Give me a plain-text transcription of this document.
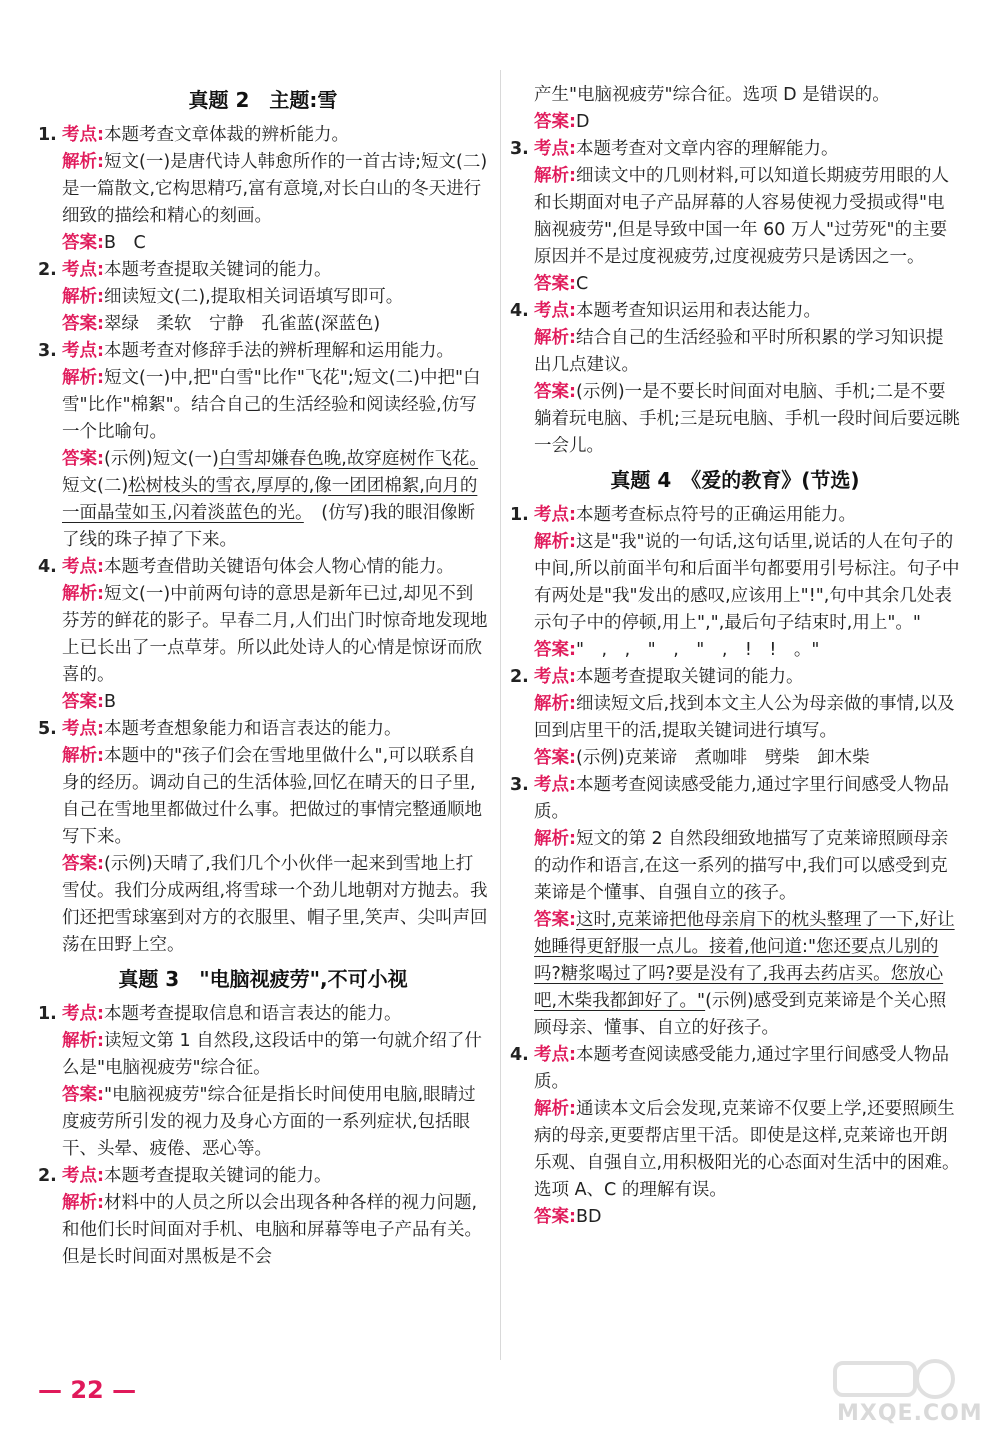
真题 2　主题:雪
1. 考点:本题考查文章体裁的辨析能力。
解析:短文(一)是唐代诗人韩愈所作的一首古诗;短文(二)是一篇散文,它构思精巧,富有意境,对长白山的冬天进行细致的描绘和精心的刻画。
答案:B　C
2. 考点:本题考查提取关键词的能力。
解析:细读短文(二),提取相关词语填写即可。
答案:翠绿　柔软　宁静　孔雀蓝(深蓝色)
3. 考点:本题考查对修辞手法的辨析理解和运用能力。
解析:短文(一)中,把"白雪"比作"飞花";短文(二)中把"白雪"比作"棉絮"。结合自己的生活经验和阅读经验,仿写一个比喻句。
答案:(示例)短文(一)白雪却嫌春色晚,故穿庭树作飞花。　短文(二)松树枝头的雪衣,厚厚的,像一团团棉絮,向月的一面晶莹如玉,闪着淡蓝色的光。　(仿写)我的眼泪像断了线的珠子掉了下来。
4. 考点:本题考查借助关键语句体会人物心情的能力。
解析:短文(一)中前两句诗的意思是新年已过,却见不到芬芳的鲜花的影子。早春二月,人们出门时惊奇地发现地上已长出了一点草芽。所以此处诗人的心情是惊讶而欣喜的。
答案:B
5. 考点:本题考查想象能力和语言表达的能力。
解析:本题中的"孩子们会在雪地里做什么",可以联系自身的经历。调动自己的生活体验,回忆在晴天的日子里,自己在雪地里都做过什么事。把做过的事情完整通顺地写下来。
答案:(示例)天晴了,我们几个小伙伴一起来到雪地上打雪仗。我们分成两组,将雪球一个劲儿地朝对方抛去。我们还把雪球塞到对方的衣服里、帽子里,笑声、尖叫声回荡在田野上空。
真题 3　"电脑视疲劳",不可小视
1. 考点:本题考查提取信息和语言表达的能力。
解析:读短文第 1 自然段,这段话中的第一句就介绍了什么是"电脑视疲劳"综合征。
答案:"电脑视疲劳"综合征是指长时间使用电脑,眼睛过度疲劳所引发的视力及身心方面的一系列症状,包括眼干、头晕、疲倦、恶心等。
2. 考点:本题考查提取关键词的能力。
解析:材料中的人员之所以会出现各种各样的视力问题,和他们长时间面对手机、电脑和屏幕等电子产品有关。但是长时间面对黑板是不会
产生"电脑视疲劳"综合征。选项 D 是错误的。
答案:D
3. 考点:本题考查对文章内容的理解能力。
解析:细读文中的几则材料,可以知道长期疲劳用眼的人和长期面对电子产品屏幕的人容易使视力受损或得"电脑视疲劳",但是导致中国一年 60 万人"过劳死"的主要原因并不是过度视疲劳,过度视疲劳只是诱因之一。
答案:C
4. 考点:本题考查知识运用和表达能力。
解析:结合自己的生活经验和平时所积累的学习知识提出几点建议。
答案:(示例)一是不要长时间面对电脑、手机;二是不要躺着玩电脑、手机;三是玩电脑、手机一段时间后要远眺一会儿。
真题 4　《爱的教育》(节选)
1. 考点:本题考查标点符号的正确运用能力。
解析:这是"我"说的一句话,这句话里,说话的人在句子的中间,所以前面半句和后面半句都要用引号标注。句子中有两处是"我"发出的感叹,应该用上"!",句中其余几处表示句子中的停顿,用上",",最后句子结束时,用上"。"
答案:"　,　,　"　,　"　,　!　!　。"
2. 考点:本题考查提取关键词的能力。
解析:细读短文后,找到本文主人公为母亲做的事情,以及回到店里干的活,提取关键词进行填写。
答案:(示例)克莱谛　煮咖啡　劈柴　卸木柴
3. 考点:本题考查阅读感受能力,通过字里行间感受人物品质。
解析:短文的第 2 自然段细致地描写了克莱谛照顾母亲的动作和语言,在这一系列的描写中,我们可以感受到克莱谛是个懂事、自强自立的孩子。
答案:这时,克莱谛把他母亲肩下的枕头整理了一下,好让她睡得更舒服一点儿。接着,他问道:"您还要点儿别的吗?糖浆喝过了吗?要是没有了,我再去药店买。您放心吧,木柴我都卸好了。"(示例)感受到克莱谛是个关心照顾母亲、懂事、自立的好孩子。
4. 考点:本题考查阅读感受能力,通过字里行间感受人物品质。
解析:通读本文后会发现,克莱谛不仅要上学,还要照顾生病的母亲,更要帮店里干活。即使是这样,克莱谛也开朗乐观、自强自立,用积极阳光的心态面对生活中的困难。选项 A、C 的理解有误。
答案:BD
— 22 —
MXQE.COM
